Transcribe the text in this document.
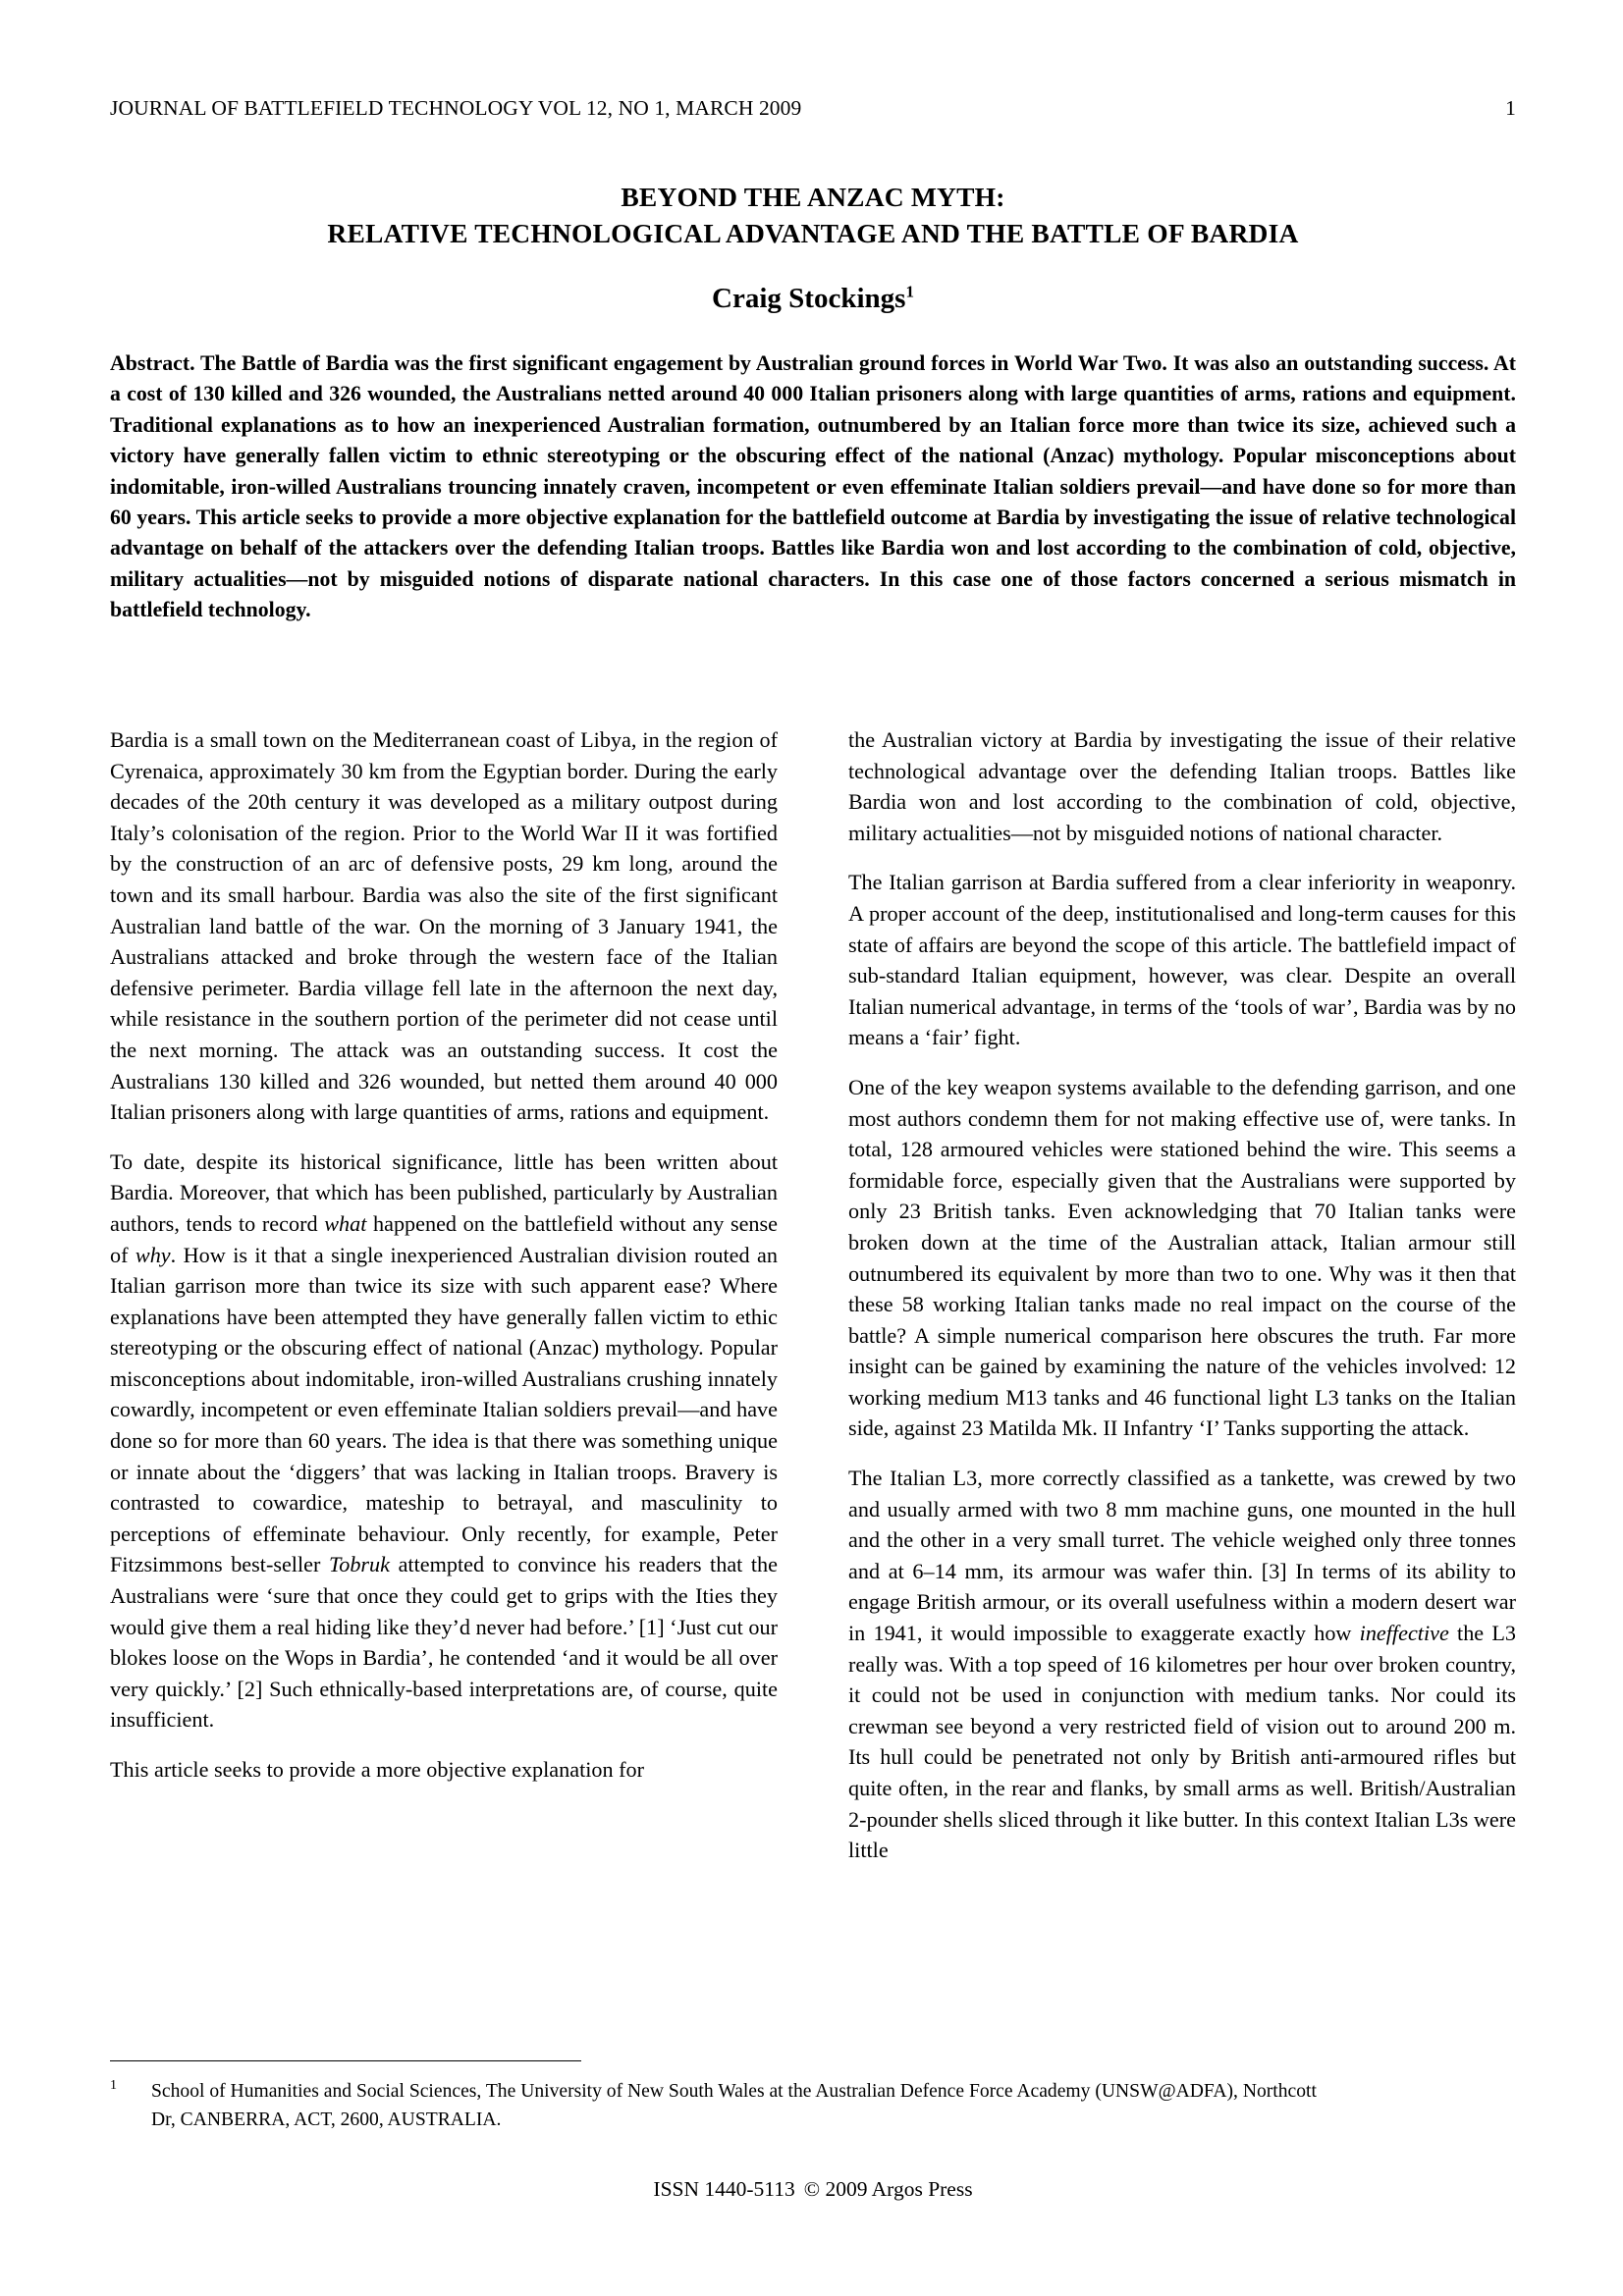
JOURNAL OF BATTLEFIELD TECHNOLOGY VOL 12, NO 1, MARCH 2009	1
BEYOND THE ANZAC MYTH:
RELATIVE TECHNOLOGICAL ADVANTAGE AND THE BATTLE OF BARDIA
Craig Stockings$^1$
Abstract. The Battle of Bardia was the first significant engagement by Australian ground forces in World War Two. It was also an outstanding success. At a cost of 130 killed and 326 wounded, the Australians netted around 40 000 Italian prisoners along with large quantities of arms, rations and equipment. Traditional explanations as to how an inexperienced Australian formation, outnumbered by an Italian force more than twice its size, achieved such a victory have generally fallen victim to ethnic stereotyping or the obscuring effect of the national (Anzac) mythology. Popular misconceptions about indomitable, iron-willed Australians trouncing innately craven, incompetent or even effeminate Italian soldiers prevail—and have done so for more than 60 years. This article seeks to provide a more objective explanation for the battlefield outcome at Bardia by investigating the issue of relative technological advantage on behalf of the attackers over the defending Italian troops. Battles like Bardia won and lost according to the combination of cold, objective, military actualities—not by misguided notions of disparate national characters. In this case one of those factors concerned a serious mismatch in battlefield technology.

Bardia is a small town on the Mediterranean coast of Libya, in the region of Cyrenaica, approximately 30 km from the Egyptian border. During the early decades of the 20th century it was developed as a military outpost during Italy’s colonisation of the region. Prior to the World War II it was fortified by the construction of an arc of defensive posts, 29 km long, around the town and its small harbour. Bardia was also the site of the first significant Australian land battle of the war. On the morning of 3 January 1941, the Australians attacked and broke through the western face of the Italian defensive perimeter. Bardia village fell late in the afternoon the next day, while resistance in the southern portion of the perimeter did not cease until the next morning. The attack was an outstanding success. It cost the Australians 130 killed and 326 wounded, but netted them around 40 000 Italian prisoners along with large quantities of arms, rations and equipment.

To date, despite its historical significance, little has been written about Bardia. Moreover, that which has been published, particularly by Australian authors, tends to record what happened on the battlefield without any sense of why. How is it that a single inexperienced Australian division routed an Italian garrison more than twice its size with such apparent ease? Where explanations have been attempted they have generally fallen victim to ethic stereotyping or the obscuring effect of national (Anzac) mythology. Popular misconceptions about indomitable, iron-willed Australians crushing innately cowardly, incompetent or even effeminate Italian soldiers prevail—and have done so for more than 60 years. The idea is that there was something unique or innate about the ‘diggers’ that was lacking in Italian troops. Bravery is contrasted to cowardice, mateship to betrayal, and masculinity to perceptions of effeminate behaviour. Only recently, for example, Peter Fitzsimmons best-seller Tobruk attempted to convince his readers that the Australians were ‘sure that once they could get to grips with the Ities they would give them a real hiding like they’d never had before.’ [1] ‘Just cut our blokes loose on the Wops in Bardia’, he contended ‘and it would be all over very quickly.’ [2] Such ethnically-based interpretations are, of course, quite insufficient.

This article seeks to provide a more objective explanation for

the Australian victory at Bardia by investigating the issue of their relative technological advantage over the defending Italian troops. Battles like Bardia won and lost according to the combination of cold, objective, military actualities—not by misguided notions of national character.

The Italian garrison at Bardia suffered from a clear inferiority in weaponry. A proper account of the deep, institutionalised and long-term causes for this state of affairs are beyond the scope of this article. The battlefield impact of sub-standard Italian equipment, however, was clear. Despite an overall Italian numerical advantage, in terms of the ‘tools of war’, Bardia was by no means a ‘fair’ fight.

One of the key weapon systems available to the defending garrison, and one most authors condemn them for not making effective use of, were tanks. In total, 128 armoured vehicles were stationed behind the wire. This seems a formidable force, especially given that the Australians were supported by only 23 British tanks. Even acknowledging that 70 Italian tanks were broken down at the time of the Australian attack, Italian armour still outnumbered its equivalent by more than two to one. Why was it then that these 58 working Italian tanks made no real impact on the course of the battle? A simple numerical comparison here obscures the truth. Far more insight can be gained by examining the nature of the vehicles involved: 12 working medium M13 tanks and 46 functional light L3 tanks on the Italian side, against 23 Matilda Mk. II Infantry ‘I’ Tanks supporting the attack.

The Italian L3, more correctly classified as a tankette, was crewed by two and usually armed with two 8 mm machine guns, one mounted in the hull and the other in a very small turret. The vehicle weighed only three tonnes and at 6–14 mm, its armour was wafer thin. [3] In terms of its ability to engage British armour, or its overall usefulness within a modern desert war in 1941, it would impossible to exaggerate exactly how ineffective the L3 really was. With a top speed of 16 kilometres per hour over broken country, it could not be used in conjunction with medium tanks. Nor could its crewman see beyond a very restricted field of vision out to around 200 m. Its hull could be penetrated not only by British anti-armoured rifles but quite often, in the rear and flanks, by small arms as well. British/Australian 2-pounder shells sliced through it like butter. In this context Italian L3s were little

1	School of Humanities and Social Sciences, The University of New South Wales at the Australian Defence Force Academy (UNSW@ADFA), Northcott Dr, CANBERRA, ACT, 2600, AUSTRALIA.
ISSN 1440-5113 © 2009 Argos Press
